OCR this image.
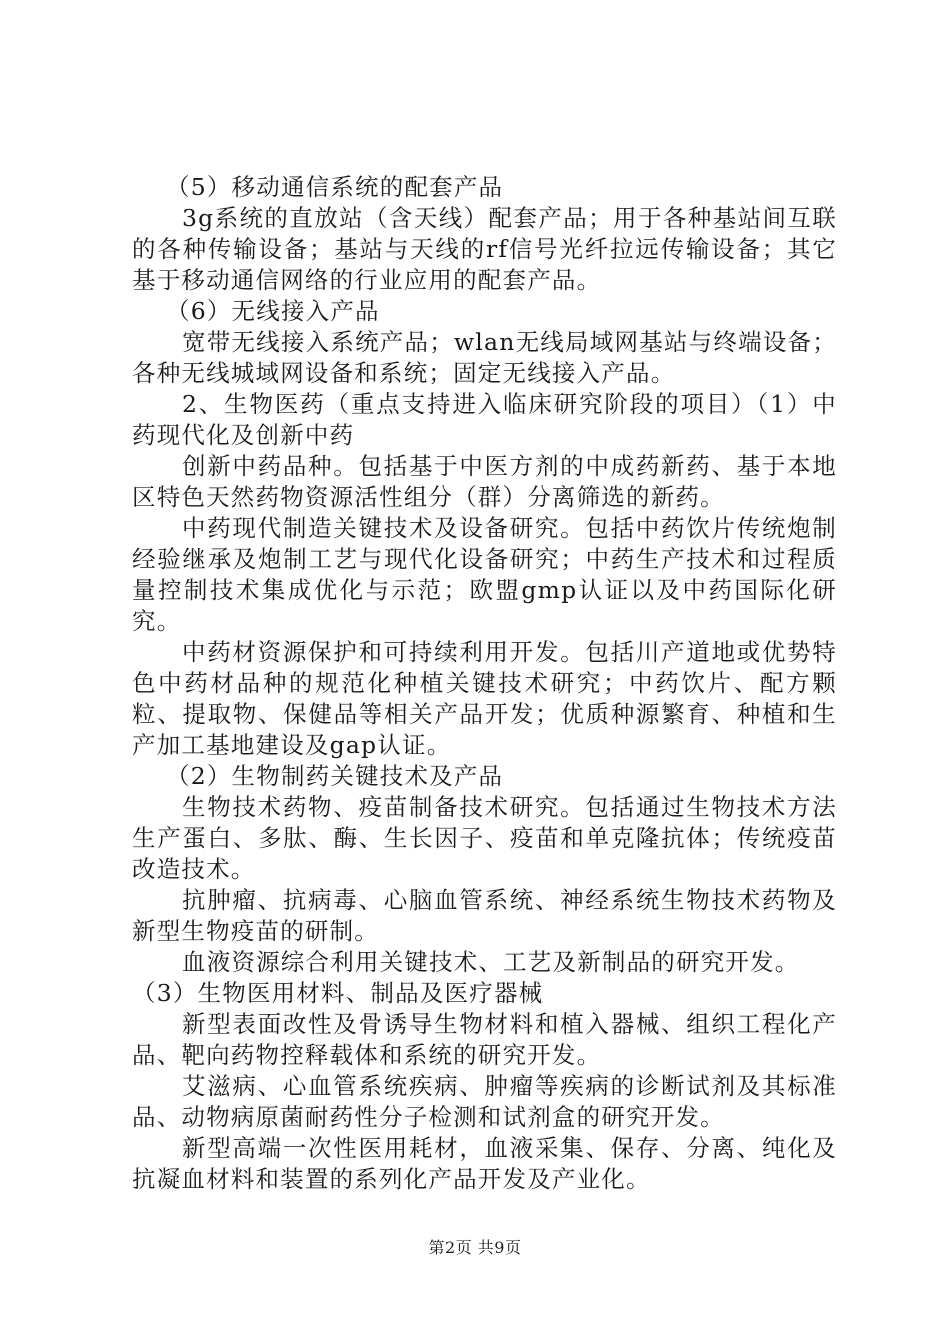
（5）移动通信系统的配套产品

3g系统的直放站（含天线）配套产品；用于各种基站间互联的各种传输设备；基站与天线的rf信号光纤拉远传输设备；其它基于移动通信网络的行业应用的配套产品。

（6）无线接入产品

宽带无线接入系统产品；wlan无线局域网基站与终端设备；各种无线城域网设备和系统；固定无线接入产品。

2、生物医药（重点支持进入临床研究阶段的项目）（1）中药现代化及创新中药

创新中药品种。包括基于中医方剂的中成药新药、基于本地区特色天然药物资源活性组分（群）分离筛选的新药。

中药现代制造关键技术及设备研究。包括中药饮片传统炮制经验继承及炮制工艺与现代化设备研究；中药生产技术和过程质量控制技术集成优化与示范；欧盟gmp认证以及中药国际化研究。

中药材资源保护和可持续利用开发。包括川产道地或优势特色中药材品种的规范化种植关键技术研究；中药饮片、配方颗粒、提取物、保健品等相关产品开发；优质种源繁育、种植和生产加工基地建设及gap认证。

（2）生物制药关键技术及产品

生物技术药物、疫苗制备技术研究。包括通过生物技术方法生产蛋白、多肽、酶、生长因子、疫苗和单克隆抗体；传统疫苗改造技术。

抗肿瘤、抗病毒、心脑血管系统、神经系统生物技术药物及新型生物疫苗的研制。

血液资源综合利用关键技术、工艺及新制品的研究开发。

（3）生物医用材料、制品及医疗器械

新型表面改性及骨诱导生物材料和植入器械、组织工程化产品、靶向药物控释载体和系统的研究开发。

艾滋病、心血管系统疾病、肿瘤等疾病的诊断试剂及其标准品、动物病原菌耐药性分子检测和试剂盒的研究开发。

新型高端一次性医用耗材，血液采集、保存、分离、纯化及抗凝血材料和装置的系列化产品开发及产业化。

第2页 共9页
